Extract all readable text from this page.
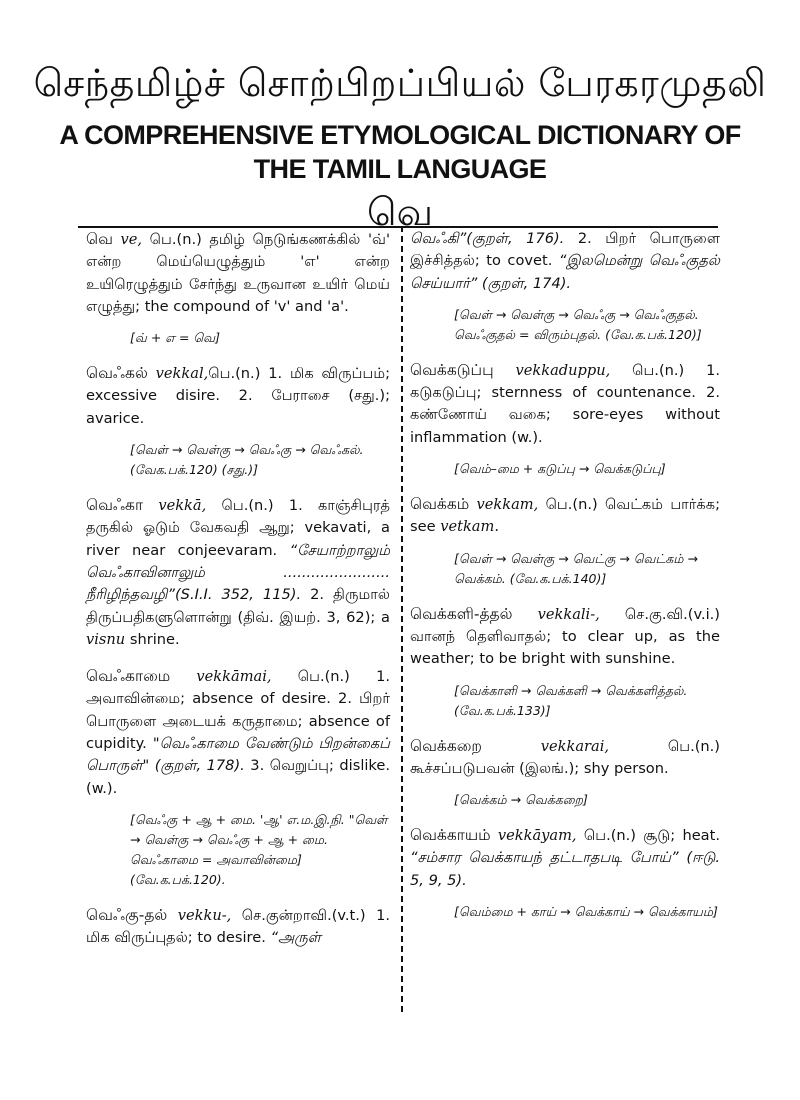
செந்தமிழ்ச் சொற்பிறப்பியல் பேரகரமுதலி
A COMPREHENSIVE ETYMOLOGICAL DICTIONARY OF
THE TAMIL LANGUAGE
வெ

வெ ve, பெ.(n.) தமிழ் நெடுங்கணக்கில் 'வ்' என்ற மெய்யெழுத்தும் 'எ' என்ற உயிரெழுத்தும் சேர்ந்து உருவான உயிர் மெய் எழுத்து; the compound of 'v' and 'a'.

[வ் + எ = வெ]

வெஃகல் vekkal,பெ.(n.) 1. மிக விருப்பம்; excessive disire. 2. பேராசை (சது.); avarice.

[வெள் → வெள்கு → வெஃகு → வெஃகல். (வேக.பக்.120) (சது.)]

வெஃகா vekkā, பெ.(n.) 1. காஞ்சிபுரத் தருகில் ஓடும் வேகவதி ஆறு; vekavati, a river near conjeevaram. “சேயாற்றாலும் வெஃகாவினாலும் ....................... நீரிழிந்தவழி”(S.I.I. 352, 115). 2. திருமால் திருப்பதிகளுளொன்று (திவ். இயற். 3, 62); a visnu shrine.

வெஃகாமை vekkāmai, பெ.(n.) 1. அவாவின்மை; absence of desire. 2. பிறர் பொருளை அடையக் கருதாமை; absence of cupidity. "வெஃகாமை வேண்டும் பிறன்கைப் பொருள்" (குறள், 178). 3. வெறுப்பு; dislike. (w.).

[வெஃகு + ஆ + மை. 'ஆ' எ.ம.இ.நி. "வெள் → வெள்கு → வெஃகு + ஆ + மை. வெஃகாமை = அவாவின்மை] (வே.க.பக்.120).

வெஃகு-தல் vekku-, செ.குன்றாவி.(v.t.) 1. மிக விருப்புதல்; to desire. “அருள்

வெஃகி”(குறள், 176). 2. பிறர் பொருளை இச்சித்தல்; to covet. “இலமென்று வெஃகுதல் செய்யார்” (குறள், 174).

[வெள் → வெள்கு → வெஃகு → வெஃகுதல். வெஃகுதல் = விரும்புதல். (வே.க.பக்.120)]

வெக்கடுப்பு vekkaduppu, பெ.(n.) 1. கடுகடுப்பு; sternness of countenance. 2. கண்ணோய் வகை; sore-eyes without inflammation (w.).

[வெம்–மை + கடுப்பு → வெக்கடுப்பு]

வெக்கம் vekkam, பெ.(n.) வெட்கம் பார்க்க; see vetkam.

[வெள் → வெள்கு → வெட்கு → வெட்கம் → வெக்கம். (வே.க.பக்.140)]

வெக்களி-த்தல் vekkali-, செ.கு.வி.(v.i.) வானந் தெளிவாதல்; to clear up, as the weather; to be bright with sunshine.

[வெக்காளி → வெக்களி → வெக்களித்தல். (வே.க.பக்.133)]

வெக்கறை	vekkarai, பெ.(n.) கூச்சப்படுபவன் (இலங்.); shy person.

[வெக்கம் → வெக்கறை]

வெக்காயம் vekkāyam, பெ.(n.) சூடு; heat. “சம்சார வெக்காயந் தட்டாதபடி போய்” (ஈடு. 5, 9, 5).

[வெம்மை + காய் → வெக்காய் → வெக்காயம்]
